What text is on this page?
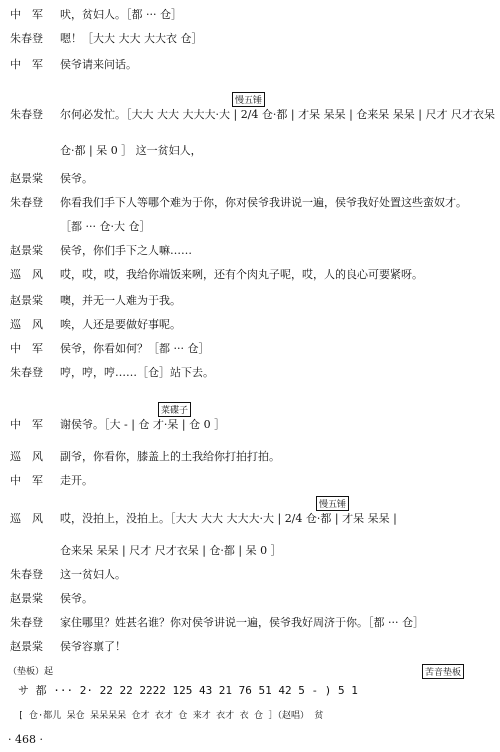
中　军 吠，贫妇人。［都 ··· 仓］
朱春登 嗯！［大大 大大 大大衣 仓］
中　军 侯爷请来问话。
朱春登 尔何必发忙。［大大 大大 大大大·大 | 2/4 仓·都 | 才呆 呆呆 | 仓来呆 呆呆 | 尺才 尺才衣呆
仓·都 | 呆 0 ］ 这一贫妇人，
赵景棠 侯爷。
朱春登 你看我们手下人等哪个难为于你，你对侯爷我讲说一遍，侯爷我好处置这些蛮奴才。
［都 ··· 仓·大 仓］
赵景棠 侯爷，你们手下之人嘛……
巡　风 哎，哎，哎，我给你端饭来咧，还有个肉丸子呢，哎，人的良心可要紧呀。
赵景棠 噢，并无一人难为于我。
巡　风 唉，人还是要做好事呢。
中　军 侯爷，你看如何？［都 ··· 仓］
朱春登 哼，哼，哼……［仓］站下去。
中　军 谢侯爷。［大 - | 仓 才·呆 | 仓 0 ］
巡　风 副爷，你看你，膝盖上的土我给你打拍打拍。
中　军 走开。
巡　风 哎，没拍上，没拍上。［大大 大大 大大大·大 | 2/4 仓·都 | 才呆 呆呆 |
仓来呆 呆呆 | 尺才 尺才衣呆 | 仓·都 | 呆 0 ］
朱春登 这一贫妇人。
赵景棠 侯爷。
朱春登 家住哪里？姓甚名谁？你对侯爷讲说一遍，侯爷我好周济于你。［都 ··· 仓］
赵景棠 侯爷容禀了！
慢五锤
菜碟子
慢五锤
苦音垫板
（垫板）起
サ 都 ··· 2· 22 22 2222 125 43 21 76 51 42 5 - ) 5 1
[ 仓·都儿 呆仓 呆呆呆呆 仓才 衣才 仓 来才 衣才 衣 仓 ］（赵唱） 贫
· 468 ·
